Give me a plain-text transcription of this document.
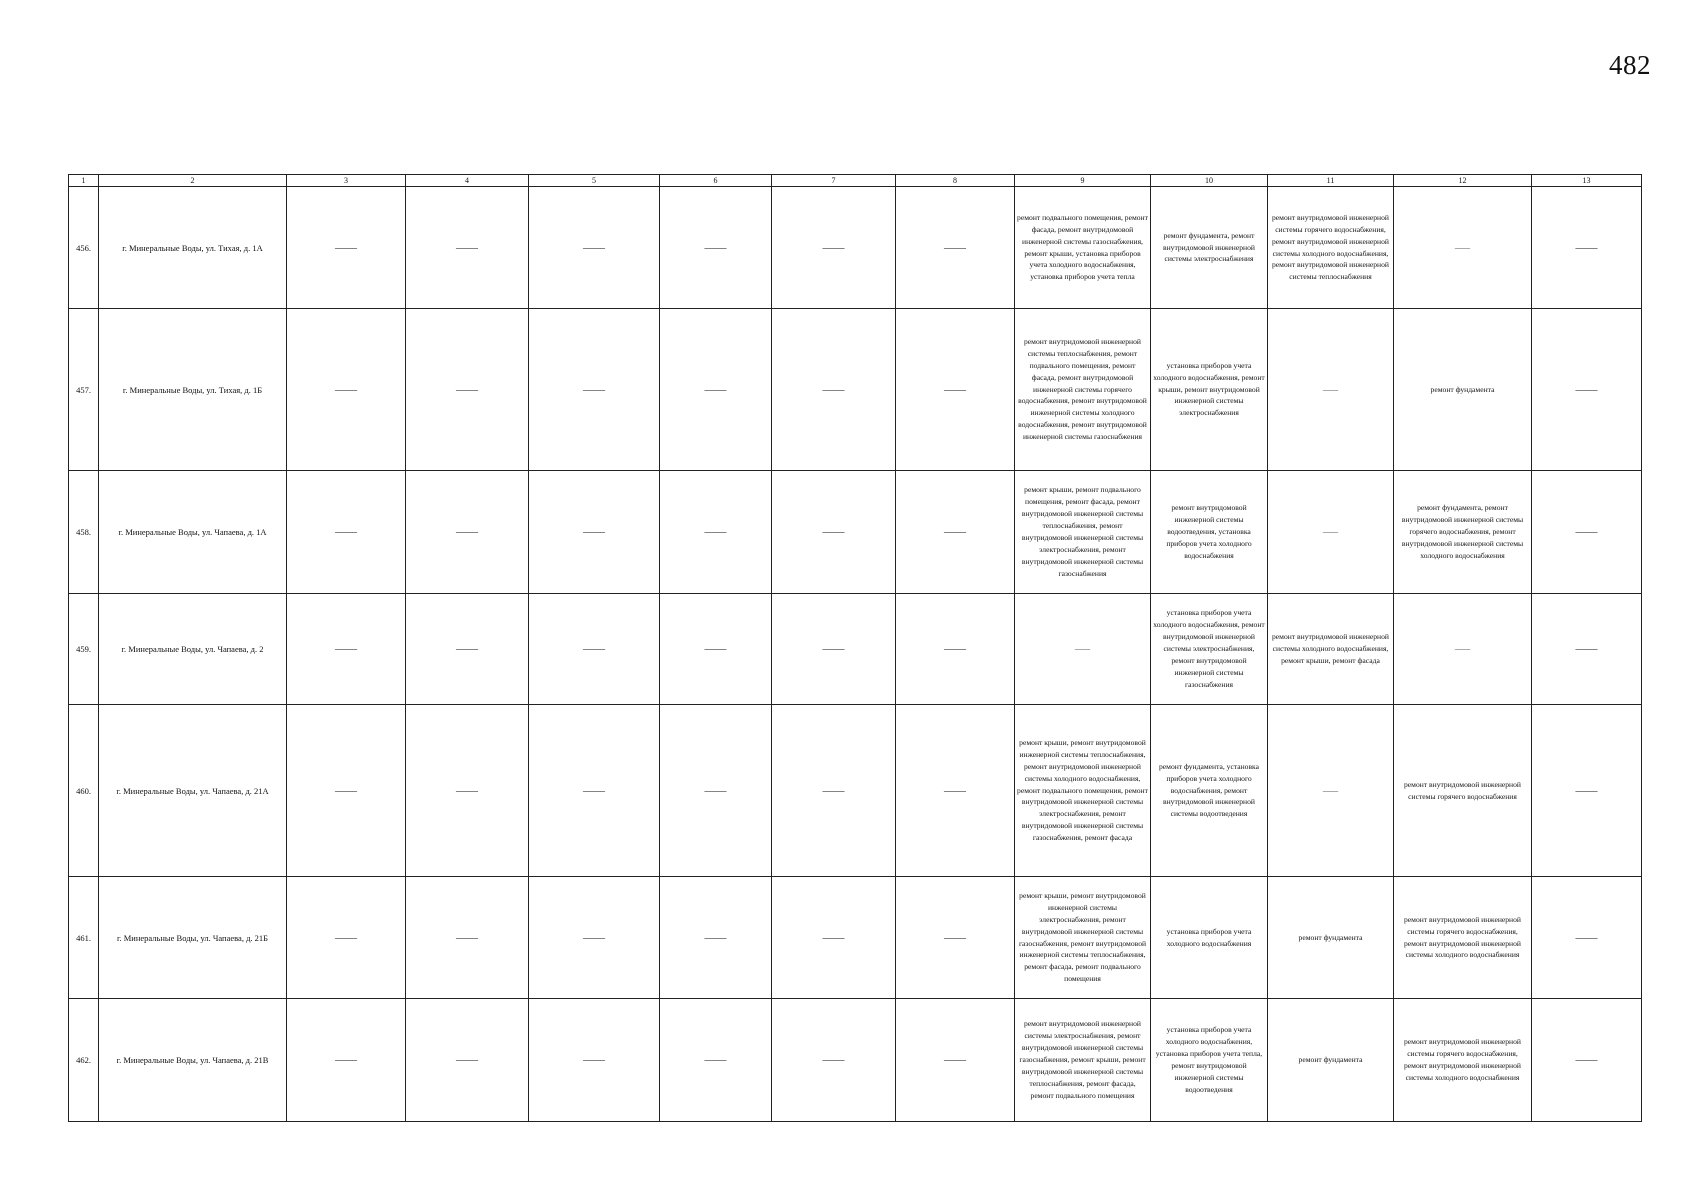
482
1	2	3	4	5	6	7	8	9	10	11	12	13
456.	г. Минеральные Воды, ул. Тихая, д. 1А	——	——	——	——	——	——	ремонт подвального помещения, ремонт фасада, ремонт внутридомовой инженерной системы газоснабжения, ремонт крыши, установка приборов учета холодного водоснабжения, установка приборов учета тепла	ремонт фундамента, ремонт внутридомовой инженерной системы электроснабжения	ремонт внутридомовой инженерной системы горячего водоснабжения, ремонт внутридомовой инженерной системы холодного водоснабжения, ремонт внутридомовой инженерной системы теплоснабжения	——	——
457.	г. Минеральные Воды, ул. Тихая, д. 1Б	——	——	——	——	——	——	ремонт внутридомовой инженерной системы теплоснабжения, ремонт подвального помещения, ремонт фасада, ремонт внутридомовой инженерной системы горячего водоснабжения, ремонт внутридомовой инженерной системы холодного водоснабжения, ремонт внутридомовой инженерной системы газоснабжения	установка приборов учета холодного водоснабжения, ремонт крыши, ремонт внутридомовой инженерной системы электроснабжения	——	ремонт фундамента	——
458.	г. Минеральные Воды, ул. Чапаева, д. 1А	——	——	——	——	——	——	ремонт крыши, ремонт подвального помещения, ремонт фасада, ремонт внутридомовой инженерной системы теплоснабжения, ремонт внутридомовой инженерной системы электроснабжения, ремонт внутридомовой инженерной системы газоснабжения	ремонт внутридомовой инженерной системы водоотведения, установка приборов учета холодного водоснабжения	——	ремонт фундамента, ремонт внутридомовой инженерной системы горячего водоснабжения, ремонт внутридомовой инженерной системы холодного водоснабжения	——
459.	г. Минеральные Воды, ул. Чапаева, д. 2	——	——	——	——	——	——	——	установка приборов учета холодного водоснабжения, ремонт внутридомовой инженерной системы электроснабжения, ремонт внутридомовой инженерной системы газоснабжения	ремонт внутридомовой инженерной системы холодного водоснабжения, ремонт крыши, ремонт фасада	——	——
460.	г. Минеральные Воды, ул. Чапаева, д. 21А	——	——	——	——	——	——	ремонт крыши, ремонт внутридомовой инженерной системы теплоснабжения, ремонт внутридомовой инженерной системы холодного водоснабжения, ремонт подвального помещения, ремонт внутридомовой инженерной системы электроснабжения, ремонт внутридомовой инженерной системы газоснабжения, ремонт фасада	ремонт фундамента, установка приборов учета холодного водоснабжения, ремонт внутридомовой инженерной системы водоотведения	——	ремонт внутридомовой инженерной системы горячего водоснабжения	——
461.	г. Минеральные Воды, ул. Чапаева, д. 21Б	——	——	——	——	——	——	ремонт крыши, ремонт внутридомовой инженерной системы электроснабжения, ремонт внутридомовой инженерной системы газоснабжения, ремонт внутридомовой инженерной системы теплоснабжения, ремонт фасада, ремонт подвального помещения	установка приборов учета холодного водоснабжения	ремонт фундамента	ремонт внутридомовой инженерной системы горячего водоснабжения, ремонт внутридомовой инженерной системы холодного водоснабжения	——
462.	г. Минеральные Воды, ул. Чапаева, д. 21В	——	——	——	——	——	——	ремонт внутридомовой инженерной системы электроснабжения, ремонт внутридомовой инженерной системы газоснабжения, ремонт крыши, ремонт внутридомовой инженерной системы теплоснабжения, ремонт фасада, ремонт подвального помещения	установка приборов учета холодного водоснабжения, установка приборов учета тепла, ремонт внутридомовой инженерной системы водоотведения	ремонт фундамента	ремонт внутридомовой инженерной системы горячего водоснабжения, ремонт внутридомовой инженерной системы холодного водоснабжения	——
